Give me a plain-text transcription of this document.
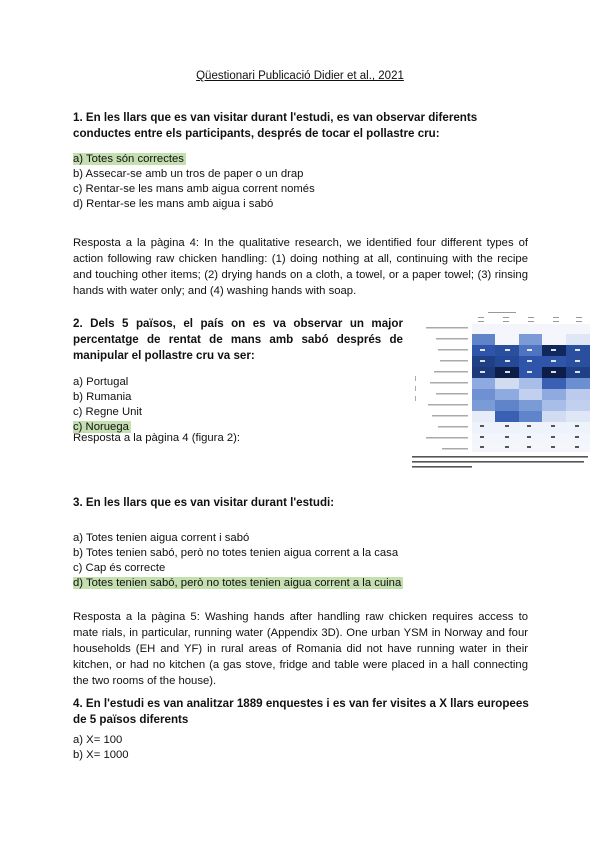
Qüestionari Publicació Didier et al., 2021
1. En les llars que es van visitar durant l'estudi, es van observar diferents conductes entre els participants, després de tocar el pollastre cru:
a) Totes són correctes
b) Assecar-se amb un tros de paper o un drap
c) Rentar-se les mans amb aigua corrent només
d) Rentar-se les mans amb aigua i sabó
Resposta a la pàgina 4: In the qualitative research, we identified four different types of action following raw chicken handling: (1) doing nothing at all, continuing with the recipe and touching other items; (2) drying hands on a cloth, a towel, or a paper towel; (3) rinsing hands with water only; and (4) washing hands with soap.
2. Dels 5 països, el país on es va observar un major percentatge de rentat de mans amb sabó després de manipular el pollastre cru va ser:
a) Portugal
b) Rumania
c) Regne Unit
c) Noruega
Resposta a la pàgina 4 (figura 2):
3. En les llars que es van visitar durant l'estudi:
a) Totes tenien aigua corrent i sabó
b) Totes tenien sabó, però no totes tenien aigua corrent a la casa
c) Cap és correcte
d) Totes tenien sabó, però no totes tenien aigua corrent a la cuina
Resposta a la pàgina 5: Washing hands after handling raw chicken requires access to mate rials, in particular, running water (Appendix 3D). One urban YSM in Norway and four households (EH and YF) in rural areas of Romania did not have running water in their kitchen, or had no kitchen (a gas stove, fridge and table were placed in a hall connecting the two rooms of the house).
4. En l'estudi es van analitzar 1889 enquestes i es van fer visites a X llars europees de 5 països diferents
a) X= 100
b) X= 1000
